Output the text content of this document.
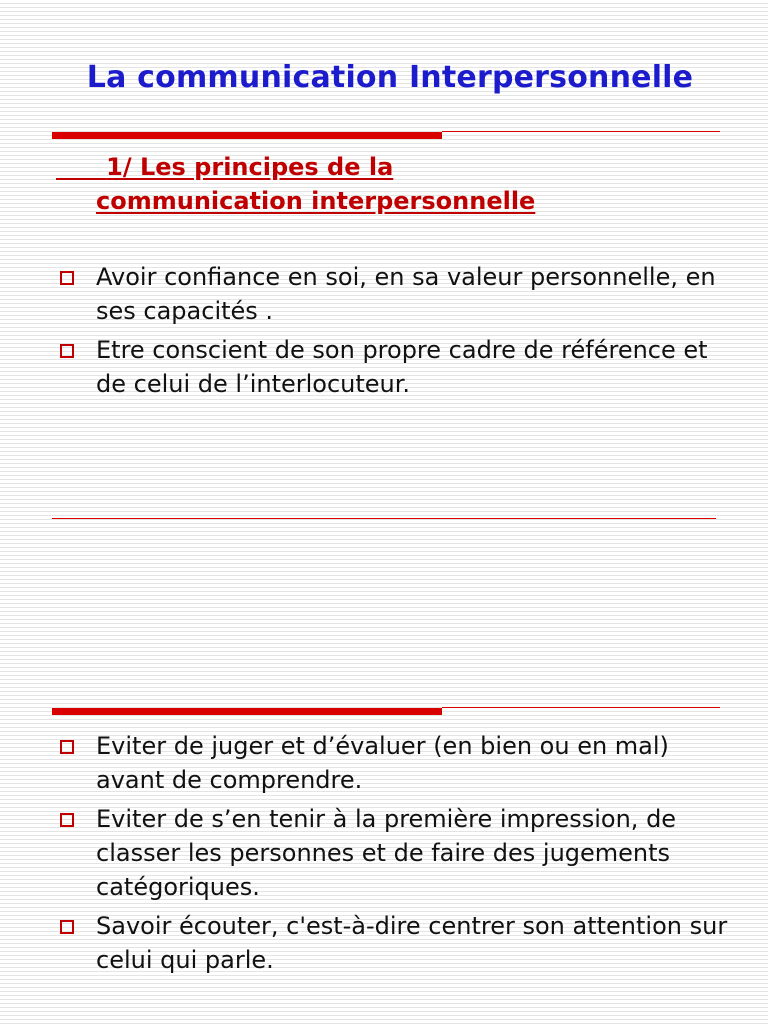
La communication Interpersonnelle
1/ Les principes de la
communication interpersonnelle
Avoir confiance en soi, en sa valeur personnelle, en ses capacités .
Etre conscient de son propre cadre de référence et de celui de l’interlocuteur.
Eviter de juger et d’évaluer (en bien ou en mal) avant de comprendre.
Eviter de s’en tenir à la première impression, de classer les personnes et de faire des jugements catégoriques.
Savoir écouter, c'est-à-dire centrer son attention sur celui qui parle.
